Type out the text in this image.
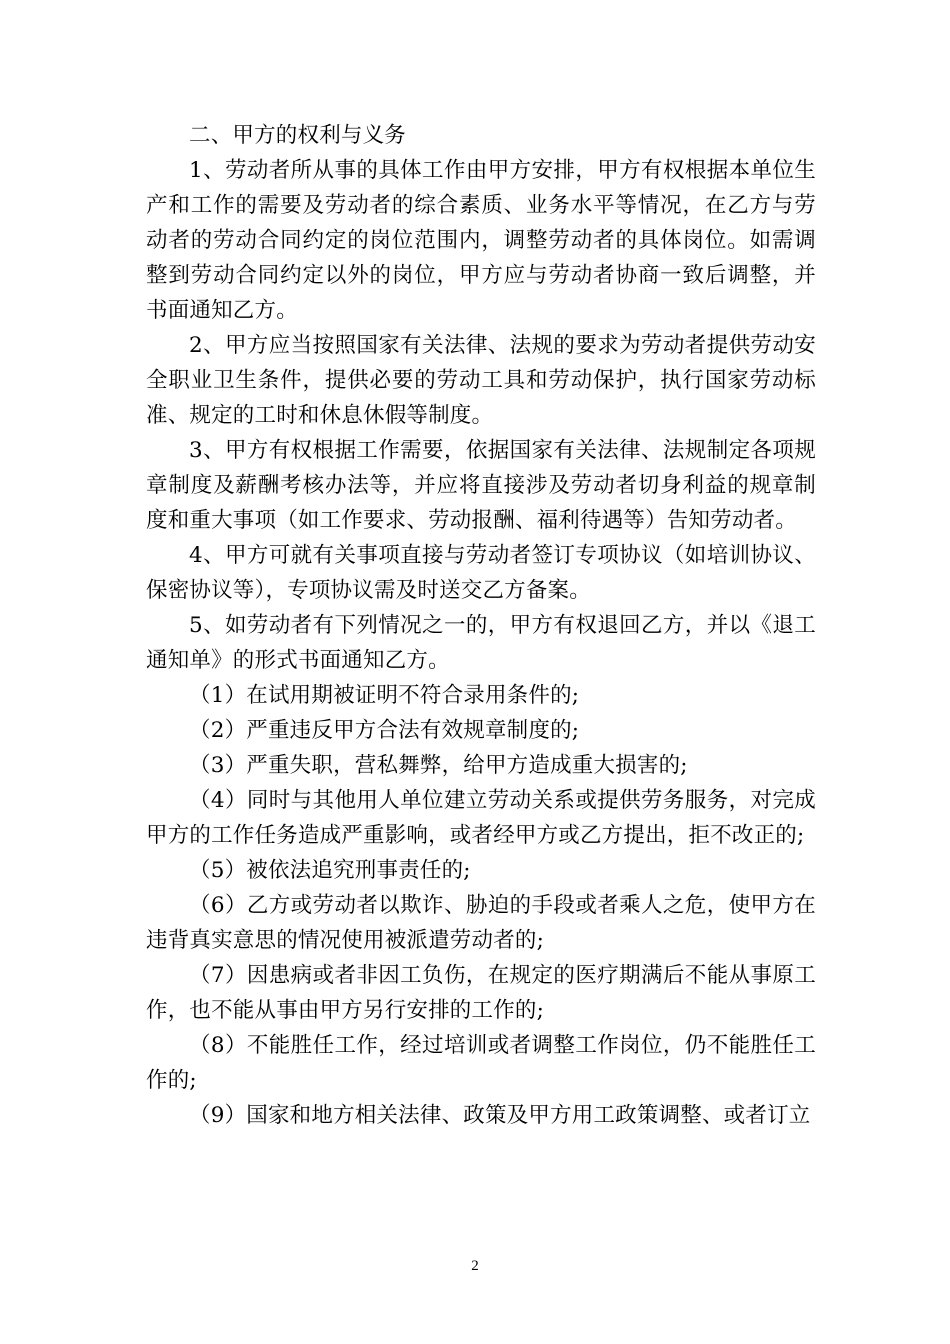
二、甲方的权利与义务

1、劳动者所从事的具体工作由甲方安排，甲方有权根据本单位生产和工作的需要及劳动者的综合素质、业务水平等情况，在乙方与劳动者的劳动合同约定的岗位范围内，调整劳动者的具体岗位。如需调整到劳动合同约定以外的岗位，甲方应与劳动者协商一致后调整，并书面通知乙方。

2、甲方应当按照国家有关法律、法规的要求为劳动者提供劳动安全职业卫生条件，提供必要的劳动工具和劳动保护，执行国家劳动标准、规定的工时和休息休假等制度。

3、甲方有权根据工作需要，依据国家有关法律、法规制定各项规章制度及薪酬考核办法等，并应将直接涉及劳动者切身利益的规章制度和重大事项（如工作要求、劳动报酬、福利待遇等）告知劳动者。

4、甲方可就有关事项直接与劳动者签订专项协议（如培训协议、保密协议等），专项协议需及时送交乙方备案。

5、如劳动者有下列情况之一的，甲方有权退回乙方，并以《退工通知单》的形式书面通知乙方。

（1）在试用期被证明不符合录用条件的;

（2）严重违反甲方合法有效规章制度的;

（3）严重失职，营私舞弊，给甲方造成重大损害的;

（4）同时与其他用人单位建立劳动关系或提供劳务服务，对完成甲方的工作任务造成严重影响，或者经甲方或乙方提出，拒不改正的;

（5）被依法追究刑事责任的;

（6）乙方或劳动者以欺诈、胁迫的手段或者乘人之危，使甲方在违背真实意思的情况使用被派遣劳动者的;

（7）因患病或者非因工负伤，在规定的医疗期满后不能从事原工作，也不能从事由甲方另行安排的工作的;

（8）不能胜任工作，经过培训或者调整工作岗位，仍不能胜任工作的;

（9）国家和地方相关法律、政策及甲方用工政策调整、或者订立

2
